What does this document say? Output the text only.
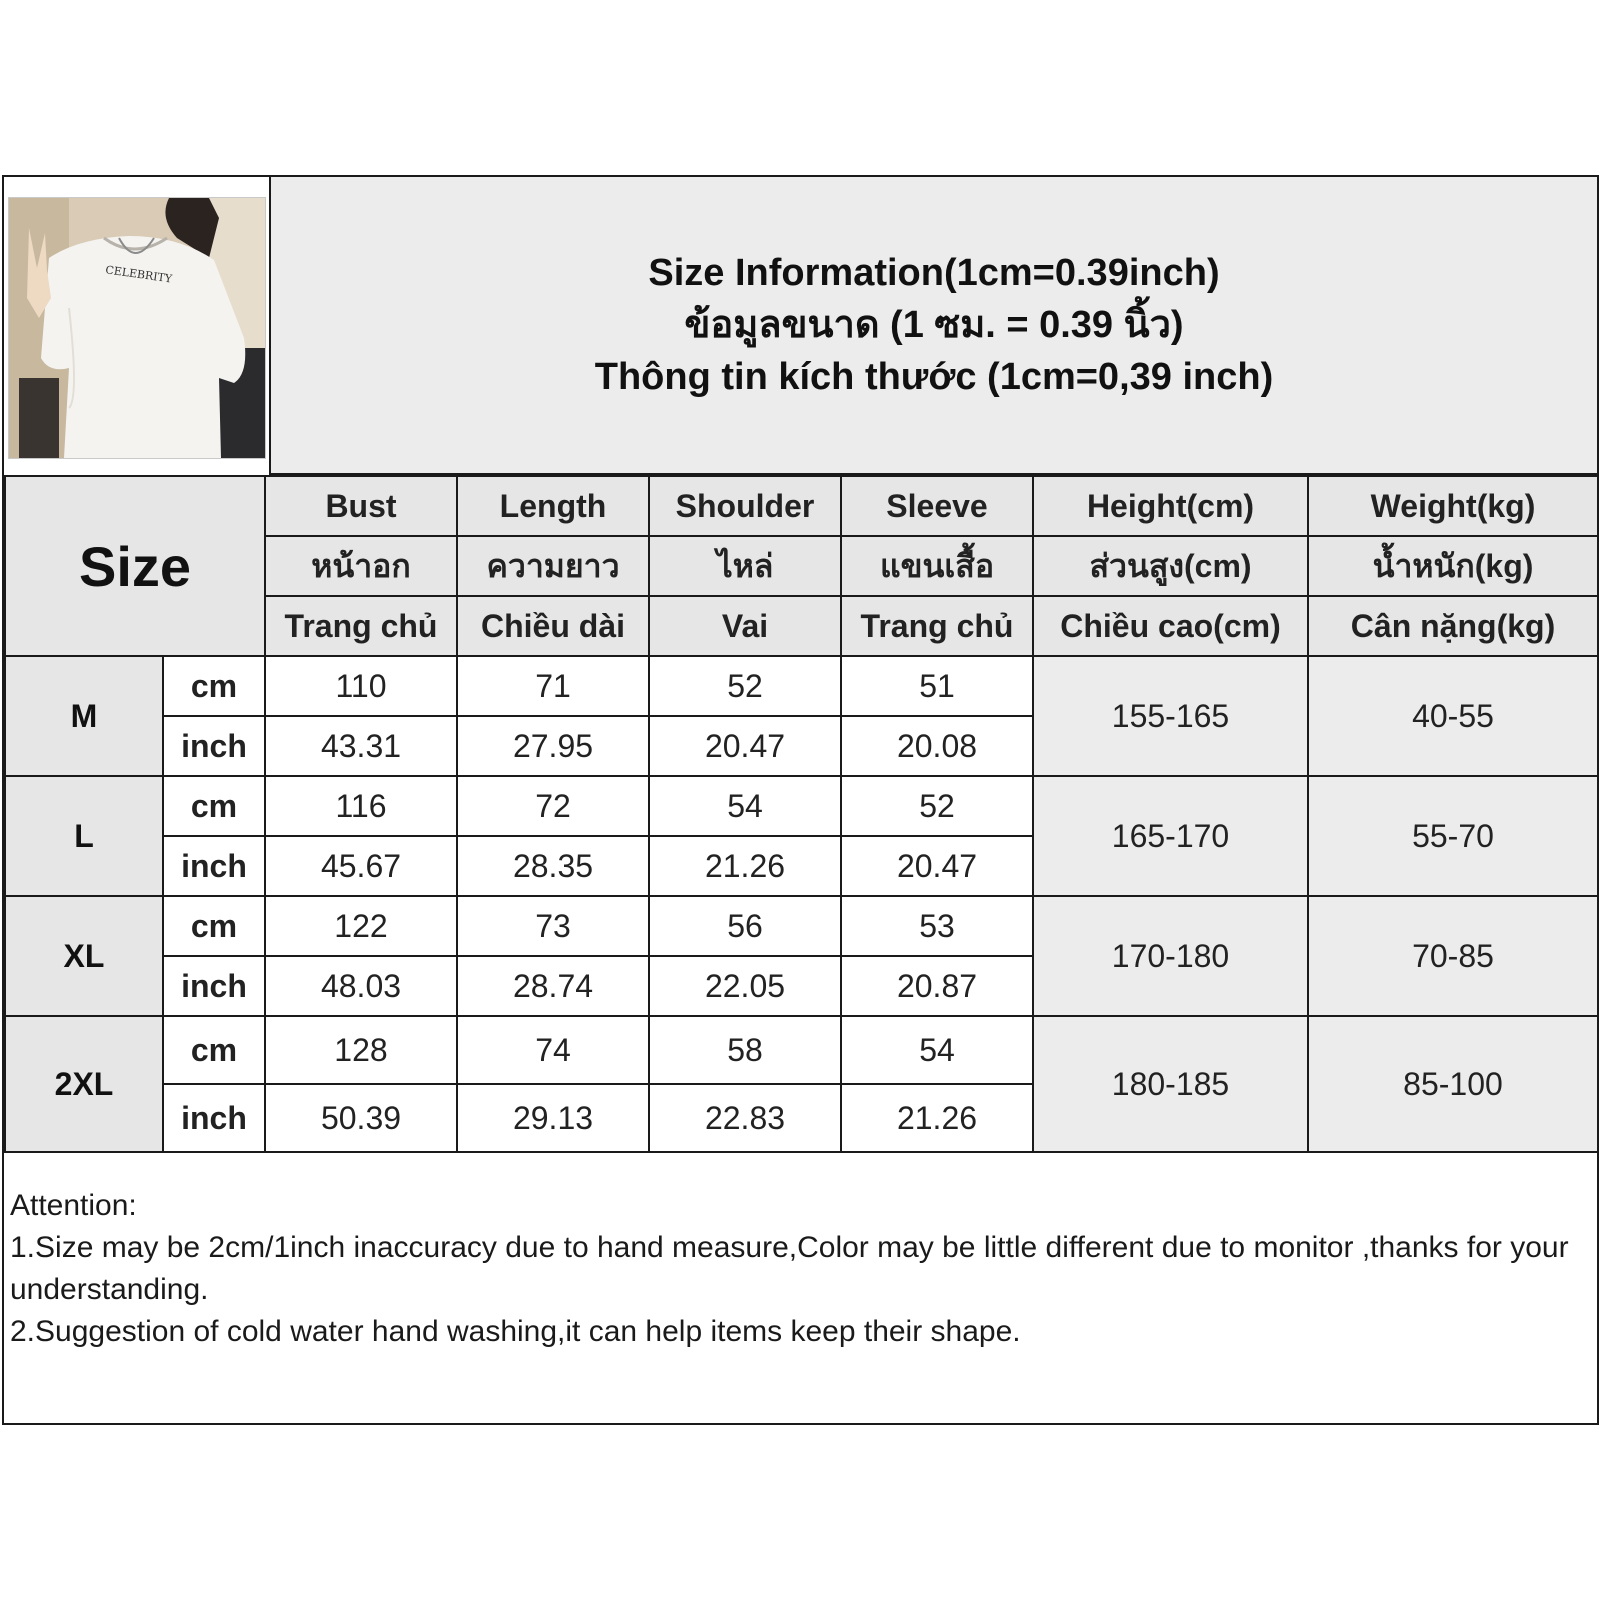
CELEBRITY	Size Information(1cm=0.39inch)
ข้อมูลขนาด (1 ซม. = 0.39 นิ้ว)
Thông tin kích thước (1cm=0,39 inch)
Size		Bust	Length	Shoulder	Sleeve	Height(cm)	Weight(kg)
		หน้าอก	ความยาว	ไหล่	แขนเสื้อ	ส่วนสูง(cm)	น้ำหนัก(kg)
		Trang chủ	Chiều dài	Vai	Trang chủ	Chiều cao(cm)	Cân nặng(kg)
M	cm	110	71	52	51	155-165	40-55
	inch	43.31	27.95	20.47	20.08		
L	cm	116	72	54	52	165-170	55-70
	inch	45.67	28.35	21.26	20.47		
XL	cm	122	73	56	53	170-180	70-85
	inch	48.03	28.74	22.05	20.87		
2XL	cm	128	74	58	54	180-185	85-100
	inch	50.39	29.13	22.83	21.26		

Attention:

1.Size may be 2cm/1inch inaccuracy due to hand measure,Color may be little different due to monitor ,thanks for your understanding.

2.Suggestion of cold water hand washing,it can help items keep their shape.
